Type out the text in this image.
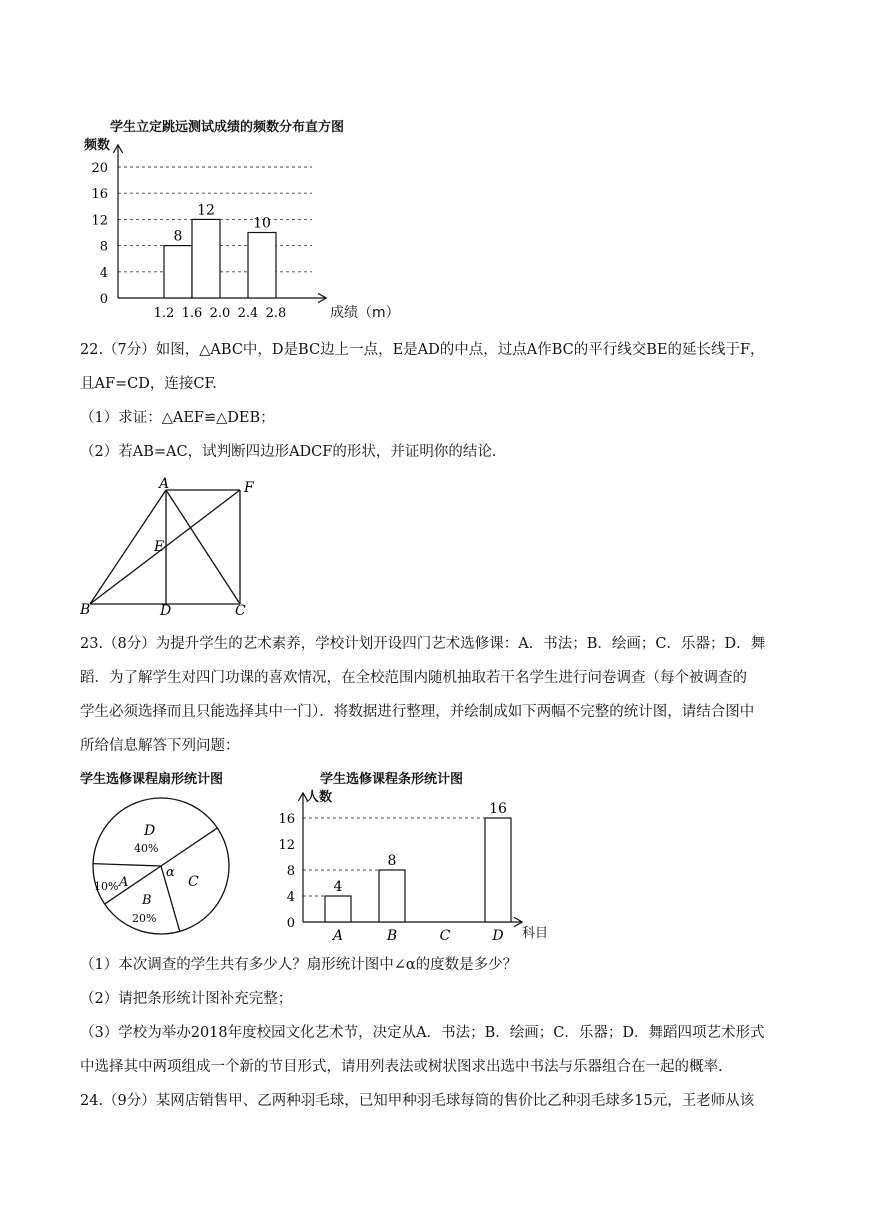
学生立定跳远测试成绩的频数分布直方图
频数
8
12
10
0
4
8
12
16
20
1.2 1.6 2.0 2.4 2.8	成绩（m）
22.（7分）如图，△ABC中，D是BC边上一点，E是AD的中点，过点A作BC的平行线交BE的延长线于F，
且AF=CD，连接CF.
（1）求证：△AEF≌△DEB；
（2）若AB=AC，试判断四边形ADCF的形状，并证明你的结论.
A	F
E
B	D	C
23.（8分）为提升学生的艺术素养，学校计划开设四门艺术选修课：A．书法；B．绘画；C．乐器；D．舞
蹈．为了解学生对四门功课的喜欢情况，在全校范围内随机抽取若干名学生进行问卷调查（每个被调查的
学生必须选择而且只能选择其中一门）．将数据进行整理，并绘制成如下两幅不完整的统计图，请结合图中
所给信息解答下列问题：
学生选修课程扇形统计图
D
40%
A
10%
B
20%
C
α
学生选修课程条形统计图
人数
4
8
16
0
4
8
12
16
A	B	C	D 科目
（1）本次调查的学生共有多少人？扇形统计图中∠α的度数是多少？
（2）请把条形统计图补充完整；
（3）学校为举办2018年度校园文化艺术节，决定从A．书法；B．绘画；C．乐器；D．舞蹈四项艺术形式
中选择其中两项组成一个新的节目形式，请用列表法或树状图求出选中书法与乐器组合在一起的概率.
24.（9分）某网店销售甲、乙两种羽毛球，已知甲种羽毛球每筒的售价比乙种羽毛球多15元，王老师从该
